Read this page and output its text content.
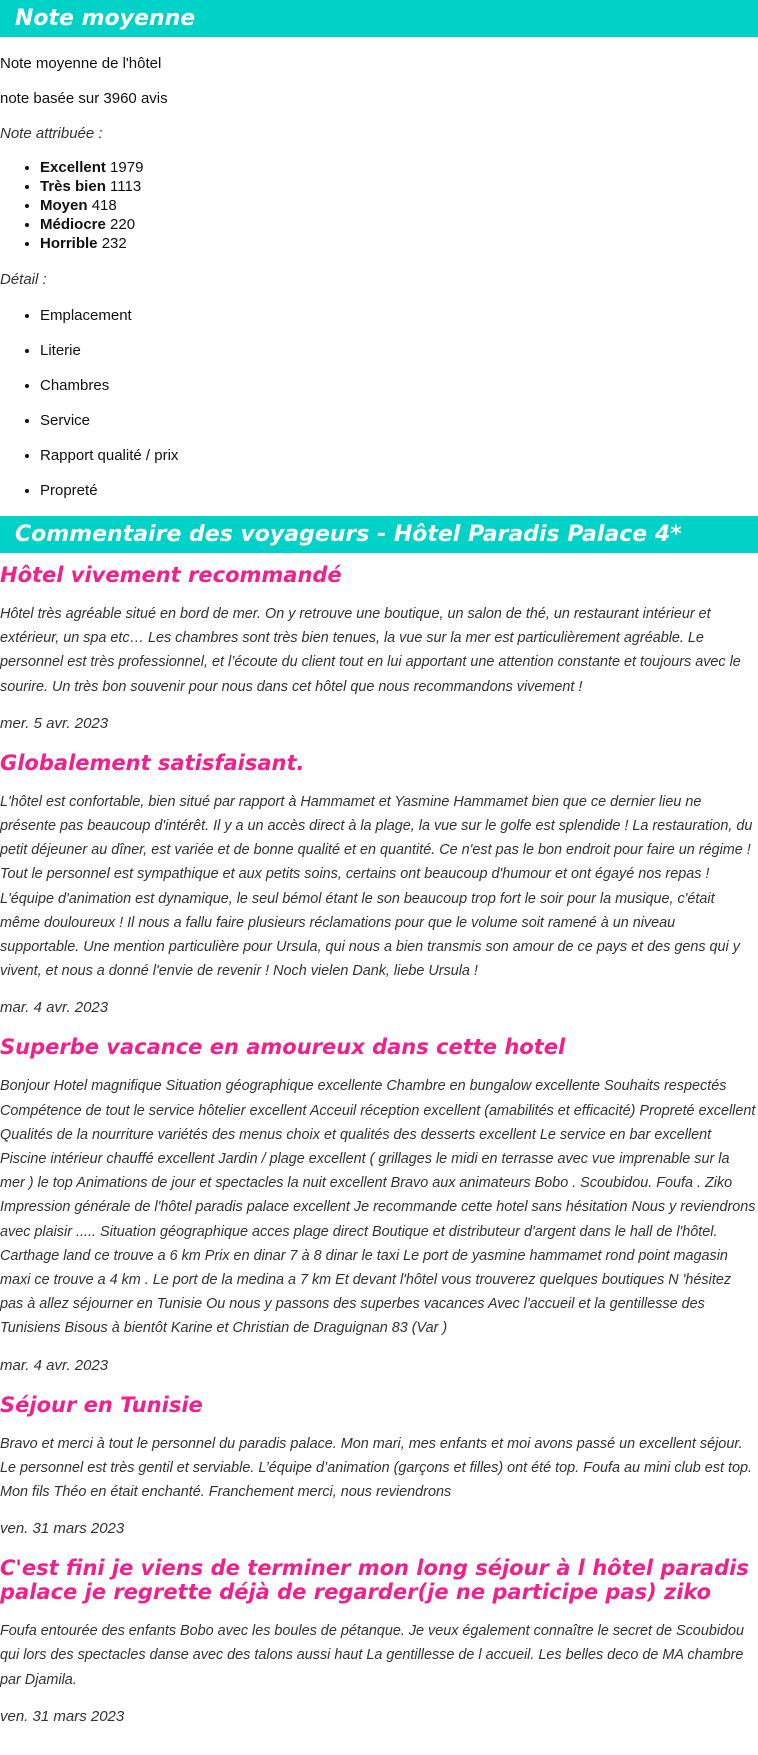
Note moyenne

Note moyenne de l'hôtel

note basée sur 3960 avis

Note attribuée :

• Excellent 1979
• Très bien 1113
• Moyen 418
• Médiocre 220
• Horrible 232

Détail :

• Emplacement
• Literie
• Chambres
• Service
• Rapport qualité / prix
• Propreté
Commentaire des voyageurs - Hôtel Paradis Palace 4*
Hôtel vivement recommandé

Hôtel très agréable situé en bord de mer. On y retrouve une boutique, un salon de thé, un restaurant intérieur et extérieur, un spa etc… Les chambres sont très bien tenues, la vue sur la mer est particulièrement agréable. Le personnel est très professionnel, et l’écoute du client tout en lui apportant une attention constante et toujours avec le sourire. Un très bon souvenir pour nous dans cet hôtel que nous recommandons vivement !

mer. 5 avr. 2023

Globalement satisfaisant.

L'hôtel est confortable, bien situé par rapport à Hammamet et Yasmine Hammamet bien que ce dernier lieu ne présente pas beaucoup d'intérêt. Il y a un accès direct à la plage, la vue sur le golfe est splendide ! La restauration, du petit déjeuner au dîner, est variée et de bonne qualité et en quantité. Ce n'est pas le bon endroit pour faire un régime ! Tout le personnel est sympathique et aux petits soins, certains ont beaucoup d'humour et ont égayé nos repas ! L'équipe d'animation est dynamique, le seul bémol étant le son beaucoup trop fort le soir pour la musique, c'était même douloureux ! Il nous a fallu faire plusieurs réclamations pour que le volume soit ramené à un niveau supportable. Une mention particulière pour Ursula, qui nous a bien transmis son amour de ce pays et des gens qui y vivent, et nous a donné l'envie de revenir ! Noch vielen Dank, liebe Ursula !

mar. 4 avr. 2023

Superbe vacance en amoureux dans cette hotel

Bonjour Hotel magnifique Situation géographique excellente Chambre en bungalow excellente Souhaits respectés Compétence de tout le service hôtelier excellent Acceuil réception excellent (amabilités et efficacité) Propreté excellent Qualités de la nourriture variétés des menus choix et qualités des desserts excellent Le service en bar excellent Piscine intérieur chauffé excellent Jardin / plage excellent ( grillages le midi en terrasse avec vue imprenable sur la mer ) le top Animations de jour et spectacles la nuit excellent Bravo aux animateurs Bobo . Scoubidou. Foufa . Ziko Impression générale de l'hôtel paradis palace excellent Je recommande cette hotel sans hésitation Nous y reviendrons avec plaisir ..... Situation géographique acces plage direct Boutique et distributeur d'argent dans le hall de l'hôtel. Carthage land ce trouve a 6 km Prix en dinar 7 à 8 dinar le taxi Le port de yasmine hammamet rond point magasin maxi ce trouve a 4 km . Le port de la medina a 7 km Et devant l'hôtel vous trouverez quelques boutiques N 'hésitez pas à allez séjourner en Tunisie Ou nous y passons des superbes vacances Avec l'accueil et la gentillesse des Tunisiens Bisous à bientôt Karine et Christian de Draguignan 83 (Var )

mar. 4 avr. 2023

Séjour en Tunisie

Bravo et merci à tout le personnel du paradis palace. Mon mari, mes enfants et moi avons passé un excellent séjour. Le personnel est très gentil et serviable. L’équipe d’animation (garçons et filles) ont été top. Foufa au mini club est top. Mon fils Théo en était enchanté. Franchement merci, nous reviendrons

ven. 31 mars 2023

C'est fini je viens de terminer mon long séjour à l hôtel paradis palace je regrette déjà de regarder(je ne participe pas) ziko

Foufa entourée des enfants Bobo avec les boules de pétanque. Je veux également connaître le secret de Scoubidou qui lors des spectacles danse avec des talons aussi haut La gentillesse de l accueil. Les belles deco de MA chambre par Djamila.

ven. 31 mars 2023
